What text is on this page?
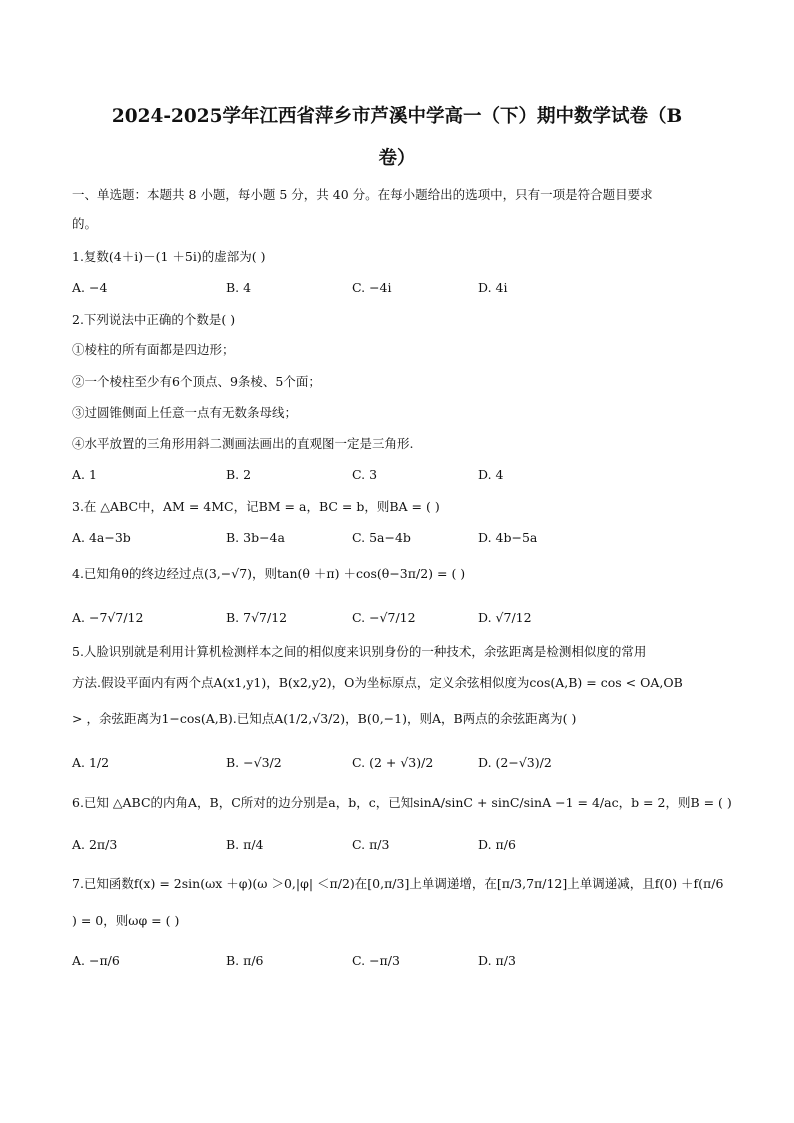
2024-2025学年江西省萍乡市芦溪中学高一（下）期中数学试卷（B
卷）
一、单选题：本题共 8 小题，每小题 5 分，共 40 分。在每小题给出的选项中，只有一项是符合题目要求
的。
1.复数(4＋i)－(1 ＋5i)的虚部为( )
A. −4	B. 4	C. −4i	D. 4i
2.下列说法中正确的个数是( )
①棱柱的所有面都是四边形；
②一个棱柱至少有6个顶点、9条棱、5个面；
③过圆锥侧面上任意一点有无数条母线；
④水平放置的三角形用斜二测画法画出的直观图一定是三角形.
A. 1	B. 2	C. 3	D. 4
3.在 △ABC中，AM = 4MC，记BM = a，BC = b，则BA = ( )
A. 4a−3b	B. 3b−4a	C. 5a−4b	D. 4b−5a
4.已知角θ的终边经过点(3,−√7)，则tan(θ ＋π) ＋cos(θ−3π/2) = ( )
A. −7√7/12	B. 7√7/12	C. −√7/12	D. √7/12
5.人脸识别就是利用计算机检测样本之间的相似度来识别身份的一种技术，余弦距离是检测相似度的常用
方法.假设平面内有两个点A(x1,y1)，B(x2,y2)，O为坐标原点，定义余弦相似度为cos(A,B) = cos < OA,OB
> ，余弦距离为1−cos(A,B).已知点A(1/2,√3/2)，B(0,−1)，则A，B两点的余弦距离为( )
A. 1/2	B. −√3/2	C. (2 + √3)/2	D. (2−√3)/2
6.已知 △ABC的内角A，B，C所对的边分别是a，b，c，已知sinA/sinC + sinC/sinA −1 = 4/ac，b = 2，则B = ( )
A. 2π/3	B. π/4	C. π/3	D. π/6
7.已知函数f(x) = 2sin(ωx ＋φ)(ω ＞0,|φ| ＜π/2)在[0,π/3]上单调递增，在[π/3,7π/12]上单调递减，且f(0) ＋f(π/6
) = 0，则ωφ = ( )
A. −π/6	B. π/6	C. −π/3	D. π/3
